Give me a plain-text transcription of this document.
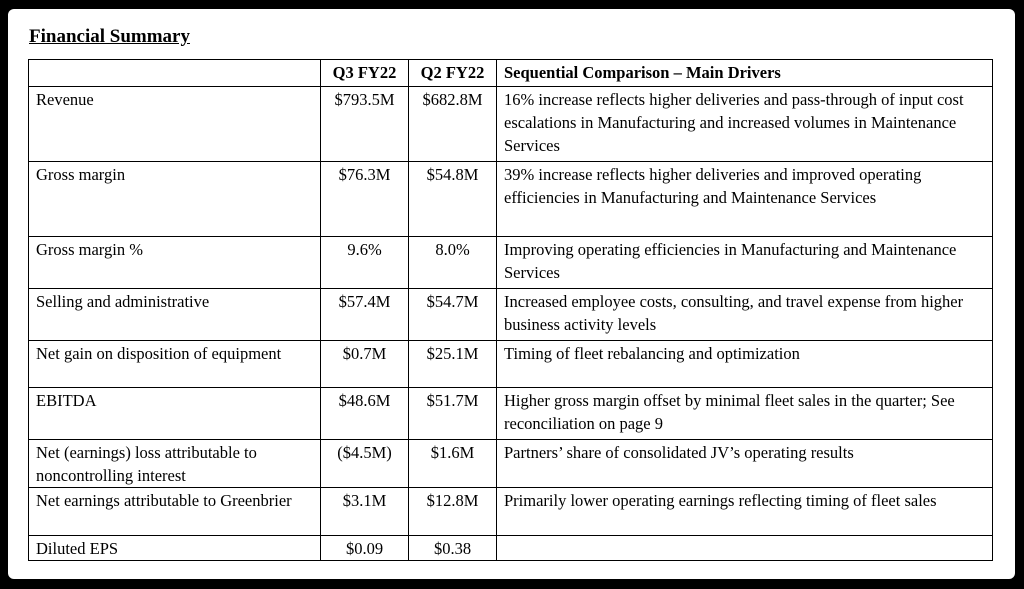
Financial Summary
	Q3 FY22	Q2 FY22	Sequential Comparison – Main Drivers
Revenue	$793.5M	$682.8M	16% increase reflects higher deliveries and pass-through of input cost escalations in Manufacturing and increased volumes in Maintenance Services
Gross margin	$76.3M	$54.8M	39% increase reflects higher deliveries and improved operating efficiencies in Manufacturing and Maintenance Services
Gross margin %	9.6%	8.0%	Improving operating efficiencies in Manufacturing and Maintenance Services
Selling and administrative	$57.4M	$54.7M	Increased employee costs, consulting, and travel expense from higher business activity levels
Net gain on disposition of equipment	$0.7M	$25.1M	Timing of fleet rebalancing and optimization
EBITDA	$48.6M	$51.7M	Higher gross margin offset by minimal fleet sales in the quarter; See reconciliation on page 9
Net (earnings) loss attributable to noncontrolling interest	($4.5M)	$1.6M	Partners’ share of consolidated JV’s operating results
Net earnings attributable to Greenbrier	$3.1M	$12.8M	Primarily lower operating earnings reflecting timing of fleet sales
Diluted EPS	$0.09	$0.38	
